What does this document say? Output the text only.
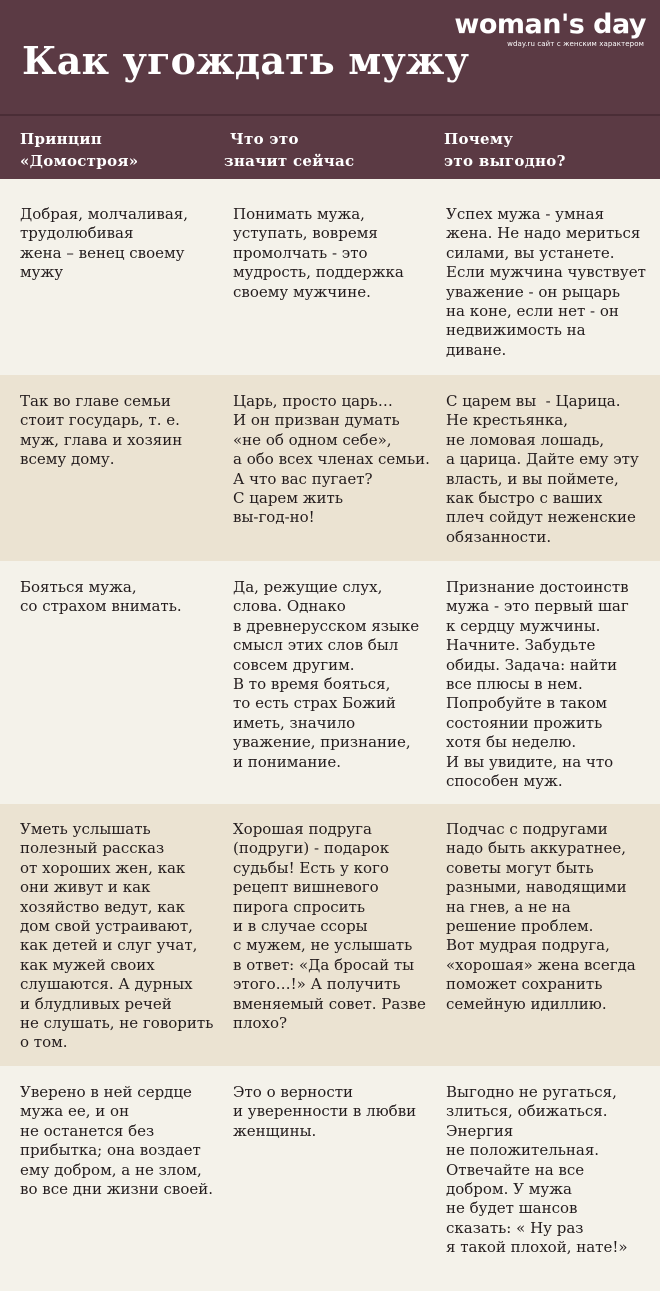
Как угождать мужу
woman's day
wday.ru сайт с женским характером
Принцип
«Домостроя»
Что это
значит сейчас
Почему
это выгодно?
Добрая, молчаливая,
трудолюбивая
жена – венец своему
мужу
Понимать мужа,
уступать, вовремя
промолчать - это
мудрость, поддержка
своему мужчине.
Успех мужа - умная
жена. Не надо мериться
силами, вы устанете.
Если мужчина чувствует
уважение - он рыцарь
на коне, если нет - он
недвижимость на
диване.
Так во главе семьи
стоит государь, т. е.
муж, глава и хозяин
всему дому.
Царь, просто царь…
И он призван думать
«не об одном себе»,
а обо всех членах семьи.
А что вас пугает?
С царем жить
вы-год-но!
С царем вы  - Царица.
Не крестьянка,
не ломовая лошадь,
а царица. Дайте ему эту
власть, и вы поймете,
как быстро с ваших
плеч сойдут неженские
обязанности.
Бояться мужа,
со страхом внимать.
Да, режущие слух,
слова. Однако
в древнерусском языке
смысл этих слов был
совсем другим.
В то время бояться,
то есть страх Божий
иметь, значило
уважение, признание,
и понимание.
Признание достоинств
мужа - это первый шаг
к сердцу мужчины.
Начните. Забудьте
обиды. Задача: найти
все плюсы в нем.
Попробуйте в таком
состоянии прожить
хотя бы неделю.
И вы увидите, на что
способен муж.
Уметь услышать
полезный рассказ
от хороших жен, как
они живут и как
хозяйство ведут, как
дом свой устраивают,
как детей и слуг учат,
как мужей своих
слушаются. А дурных
и блудливых речей
не слушать, не говорить
о том.
Хорошая подруга
(подруги) - подарок
судьбы! Есть у кого
рецепт вишневого
пирога спросить
и в случае ссоры
с мужем, не услышать
в ответ: «Да бросай ты
этого…!» А получить
вменяемый совет. Разве
плохо?
Подчас с подругами
надо быть аккуратнее,
советы могут быть
разными, наводящими
на гнев, а не на
решение проблем.
Вот мудрая подруга,
«хорошая» жена всегда
поможет сохранить
семейную идиллию.
Уверено в ней сердце
мужа ее, и он
не останется без
прибытка; она воздает
ему добром, а не злом,
во все дни жизни своей.
Это о верности
и уверенности в любви
женщины.
Выгодно не ругаться,
злиться, обижаться.
Энергия
не положительная.
Отвечайте на все
добром. У мужа
не будет шансов
сказать: « Ну раз
я такой плохой, нате!»
